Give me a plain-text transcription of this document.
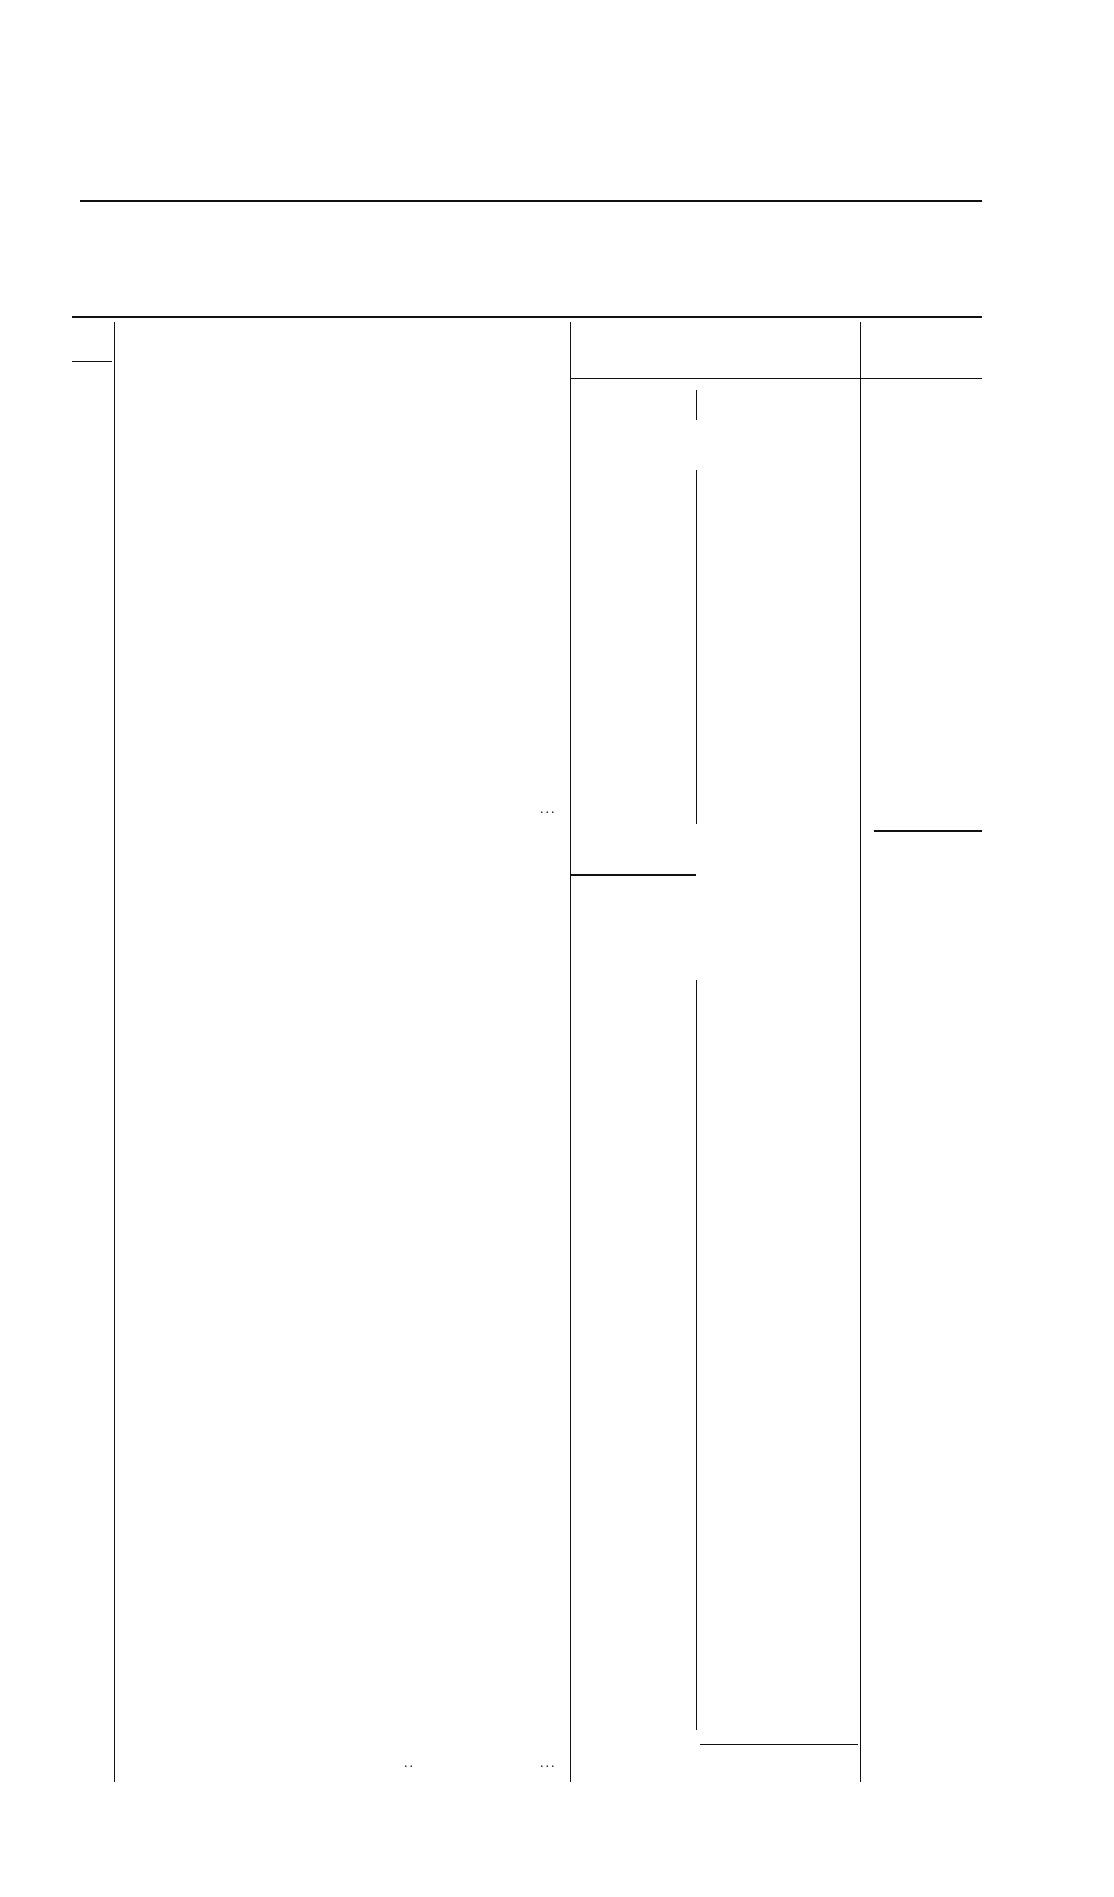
...
..	...
